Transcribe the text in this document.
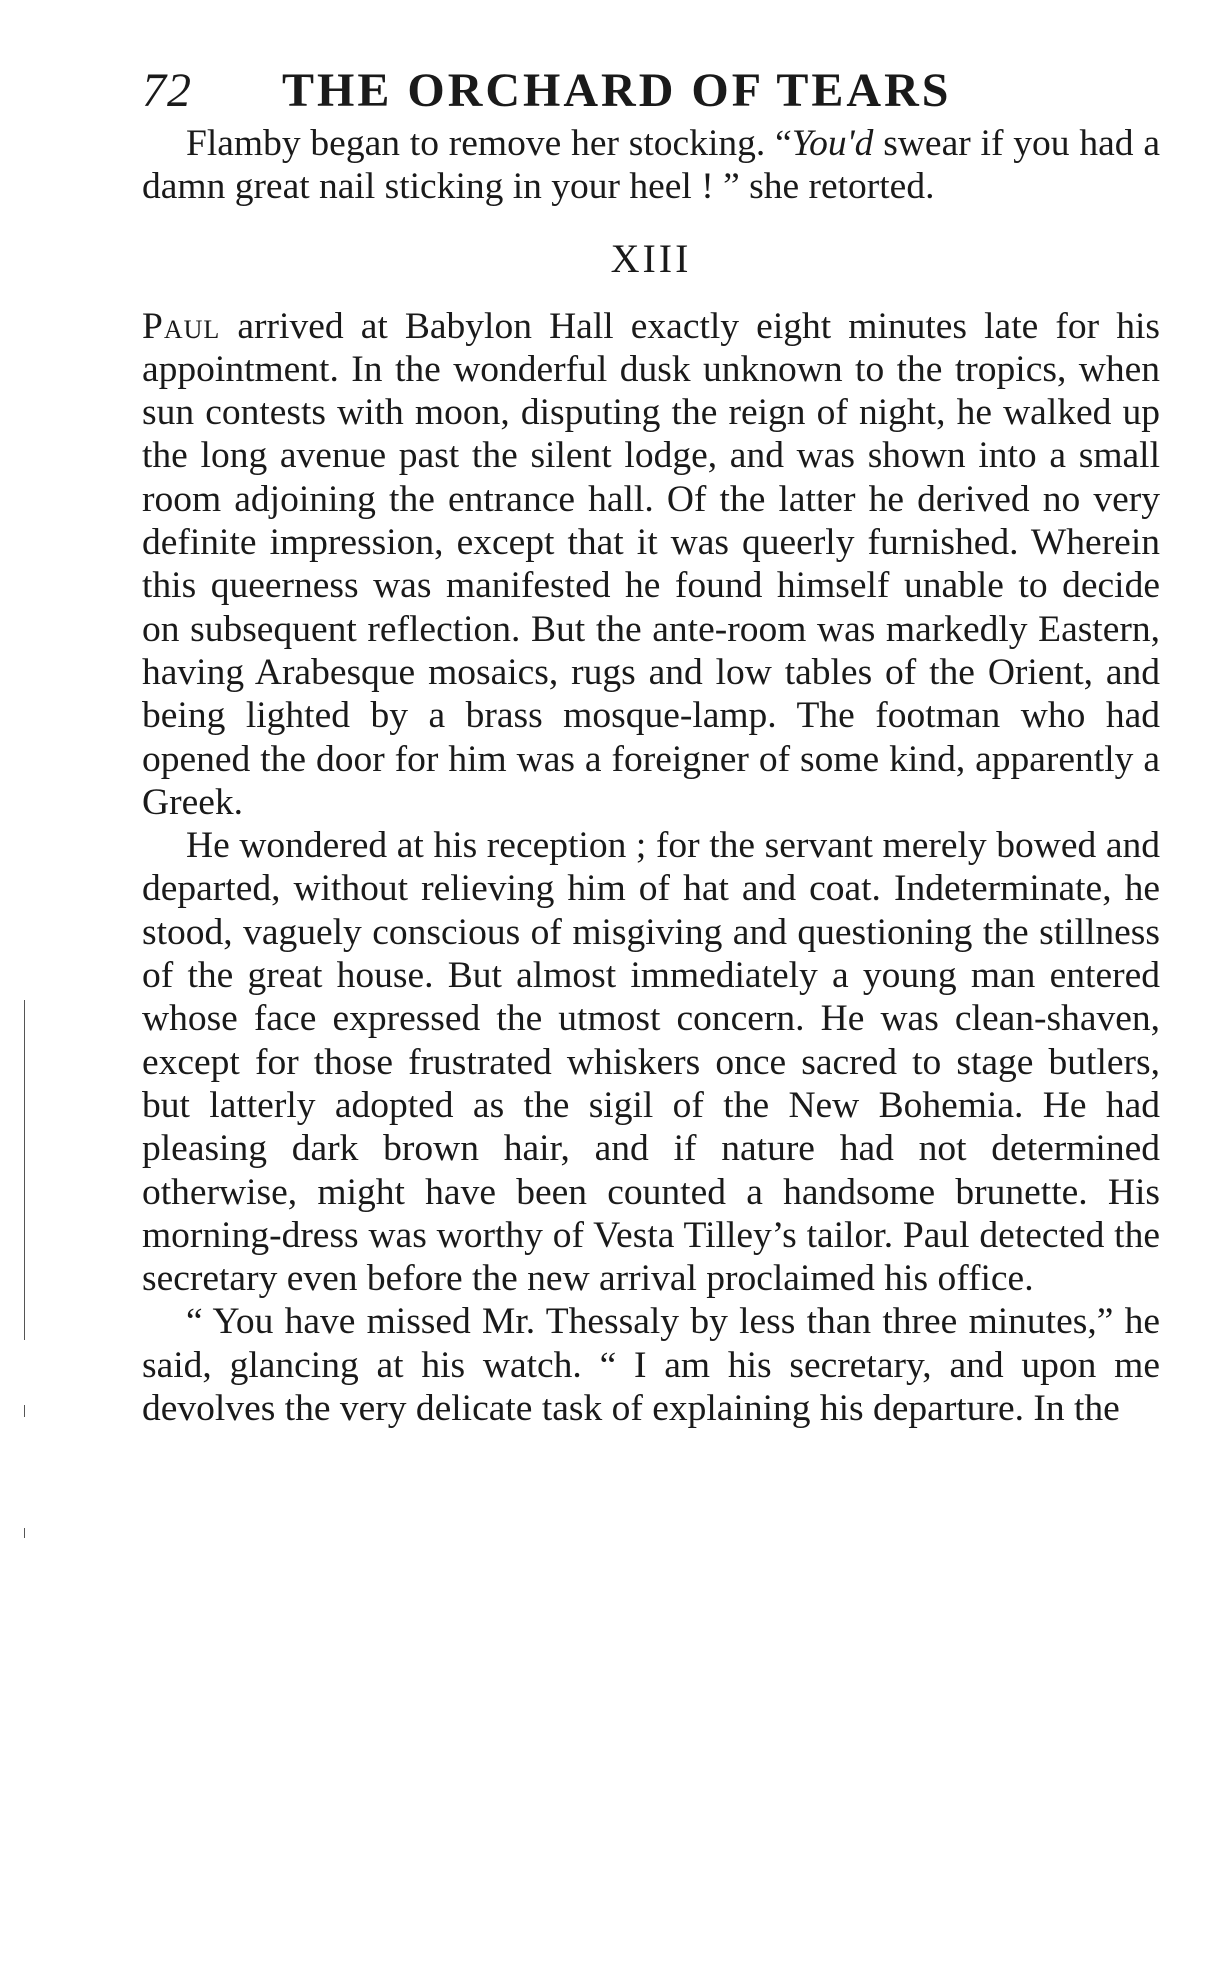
72 THE ORCHARD OF TEARS

Flamby began to remove her stocking. “You'd swear if you had a damn great nail sticking in your heel ! ” she retorted.

XIII

Paul arrived at Babylon Hall exactly eight minutes late for his appointment. In the wonderful dusk unknown to the tropics, when sun contests with moon, disputing the reign of night, he walked up the long avenue past the silent lodge, and was shown into a small room adjoining the entrance hall. Of the latter he derived no very definite impression, except that it was queerly furnished. Wherein this queerness was manifested he found himself unable to decide on subsequent reflection. But the ante-room was markedly Eastern, having Arabesque mosaics, rugs and low tables of the Orient, and being lighted by a brass mosque-lamp. The footman who had opened the door for him was a foreigner of some kind, apparently a Greek.

He wondered at his reception ; for the servant merely bowed and departed, without relieving him of hat and coat. Indeterminate, he stood, vaguely conscious of misgiving and questioning the stillness of the great house. But almost immediately a young man entered whose face expressed the utmost concern. He was clean-shaven, except for those frustrated whiskers once sacred to stage butlers, but latterly adopted as the sigil of the New Bohemia. He had pleasing dark brown hair, and if nature had not determined otherwise, might have been counted a handsome brunette. His morning-dress was worthy of Vesta Tilley’s tailor. Paul detected the secretary even before the new arrival proclaimed his office.

“ You have missed Mr. Thessaly by less than three minutes,” he said, glancing at his watch. “ I am his secretary, and upon me devolves the very delicate task of explaining his departure. In the
